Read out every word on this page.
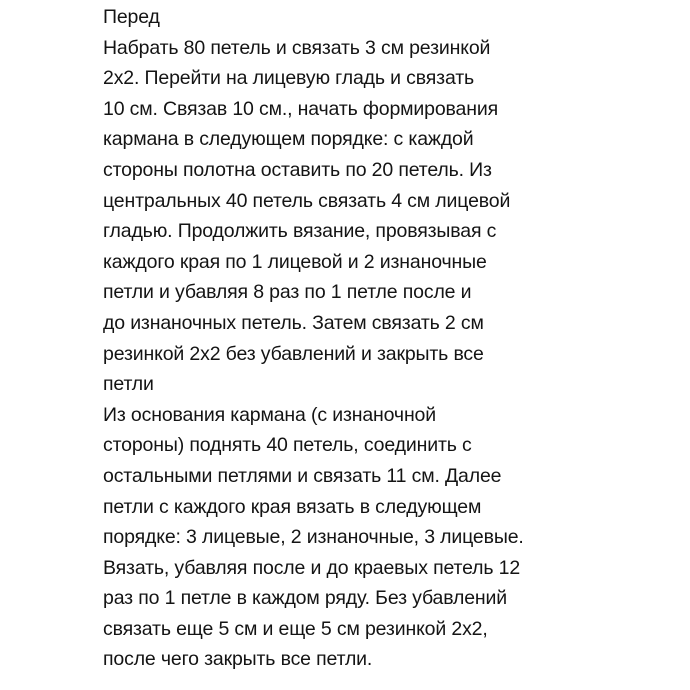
Перед
Набрать 80 петель и связать 3 см резинкой
2х2. Перейти на лицевую гладь и связать
10 см. Связав 10 см., начать формирования
кармана в следующем порядке: с каждой
стороны полотна оставить по 20 петель. Из
центральных 40 петель связать 4 см лицевой
гладью. Продолжить вязание, провязывая с
каждого края по 1 лицевой и 2 изнаночные
петли и убавляя 8 раз по 1 петле после и
до изнаночных петель. Затем связать 2 см
резинкой 2х2 без убавлений и закрыть все
петли
Из основания кармана (с изнаночной
стороны) поднять 40 петель, соединить с
остальными петлями и связать 11 см. Далее
петли с каждого края вязать в следующем
порядке: 3 лицевые, 2 изнаночные, 3 лицевые.
Вязать, убавляя после и до краевых петель 12
раз по 1 петле в каждом ряду. Без убавлений
связать еще 5 см и еще 5 см резинкой 2х2,
после чего закрыть все петли.
